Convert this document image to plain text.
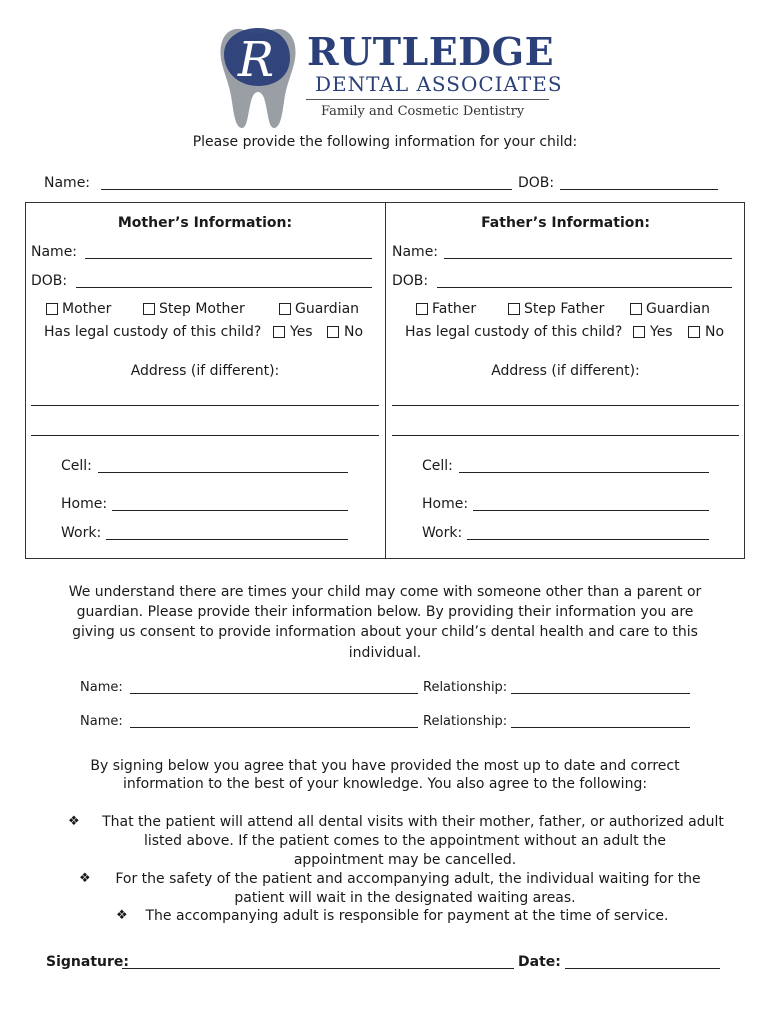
R RUTLEDGE
DENTAL ASSOCIATES
Family and Cosmetic Dentistry
Please provide the following information for your child:
Name:	DOB:
Mother’s Information:
Name:
DOB:
Mother	Step Mother	Guardian
Has legal custody of this child? Yes No
Address (if different):
Cell:
Home:
Work:
Father’s Information:
Name:
DOB:
Father	Step Father	Guardian
Has legal custody of this child? Yes No
Address (if different):
Cell:
Home:
Work:
We understand there are times your child may come with someone other than a parent or
guardian. Please provide their information below. By providing their information you are
giving us consent to provide information about your child’s dental health and care to this
individual.
Name:	Relationship:
Name:	Relationship:
By signing below you agree that you have provided the most up to date and correct
information to the best of your knowledge. You also agree to the following:
❖	That the patient will attend all dental visits with their mother, father, or authorized adult
listed above. If the patient comes to the appointment without an adult the
appointment may be cancelled.
❖	For the safety of the patient and accompanying adult, the individual waiting for the
patient will wait in the designated waiting areas.
❖	The accompanying adult is responsible for payment at the time of service.
Signature:	Date:
